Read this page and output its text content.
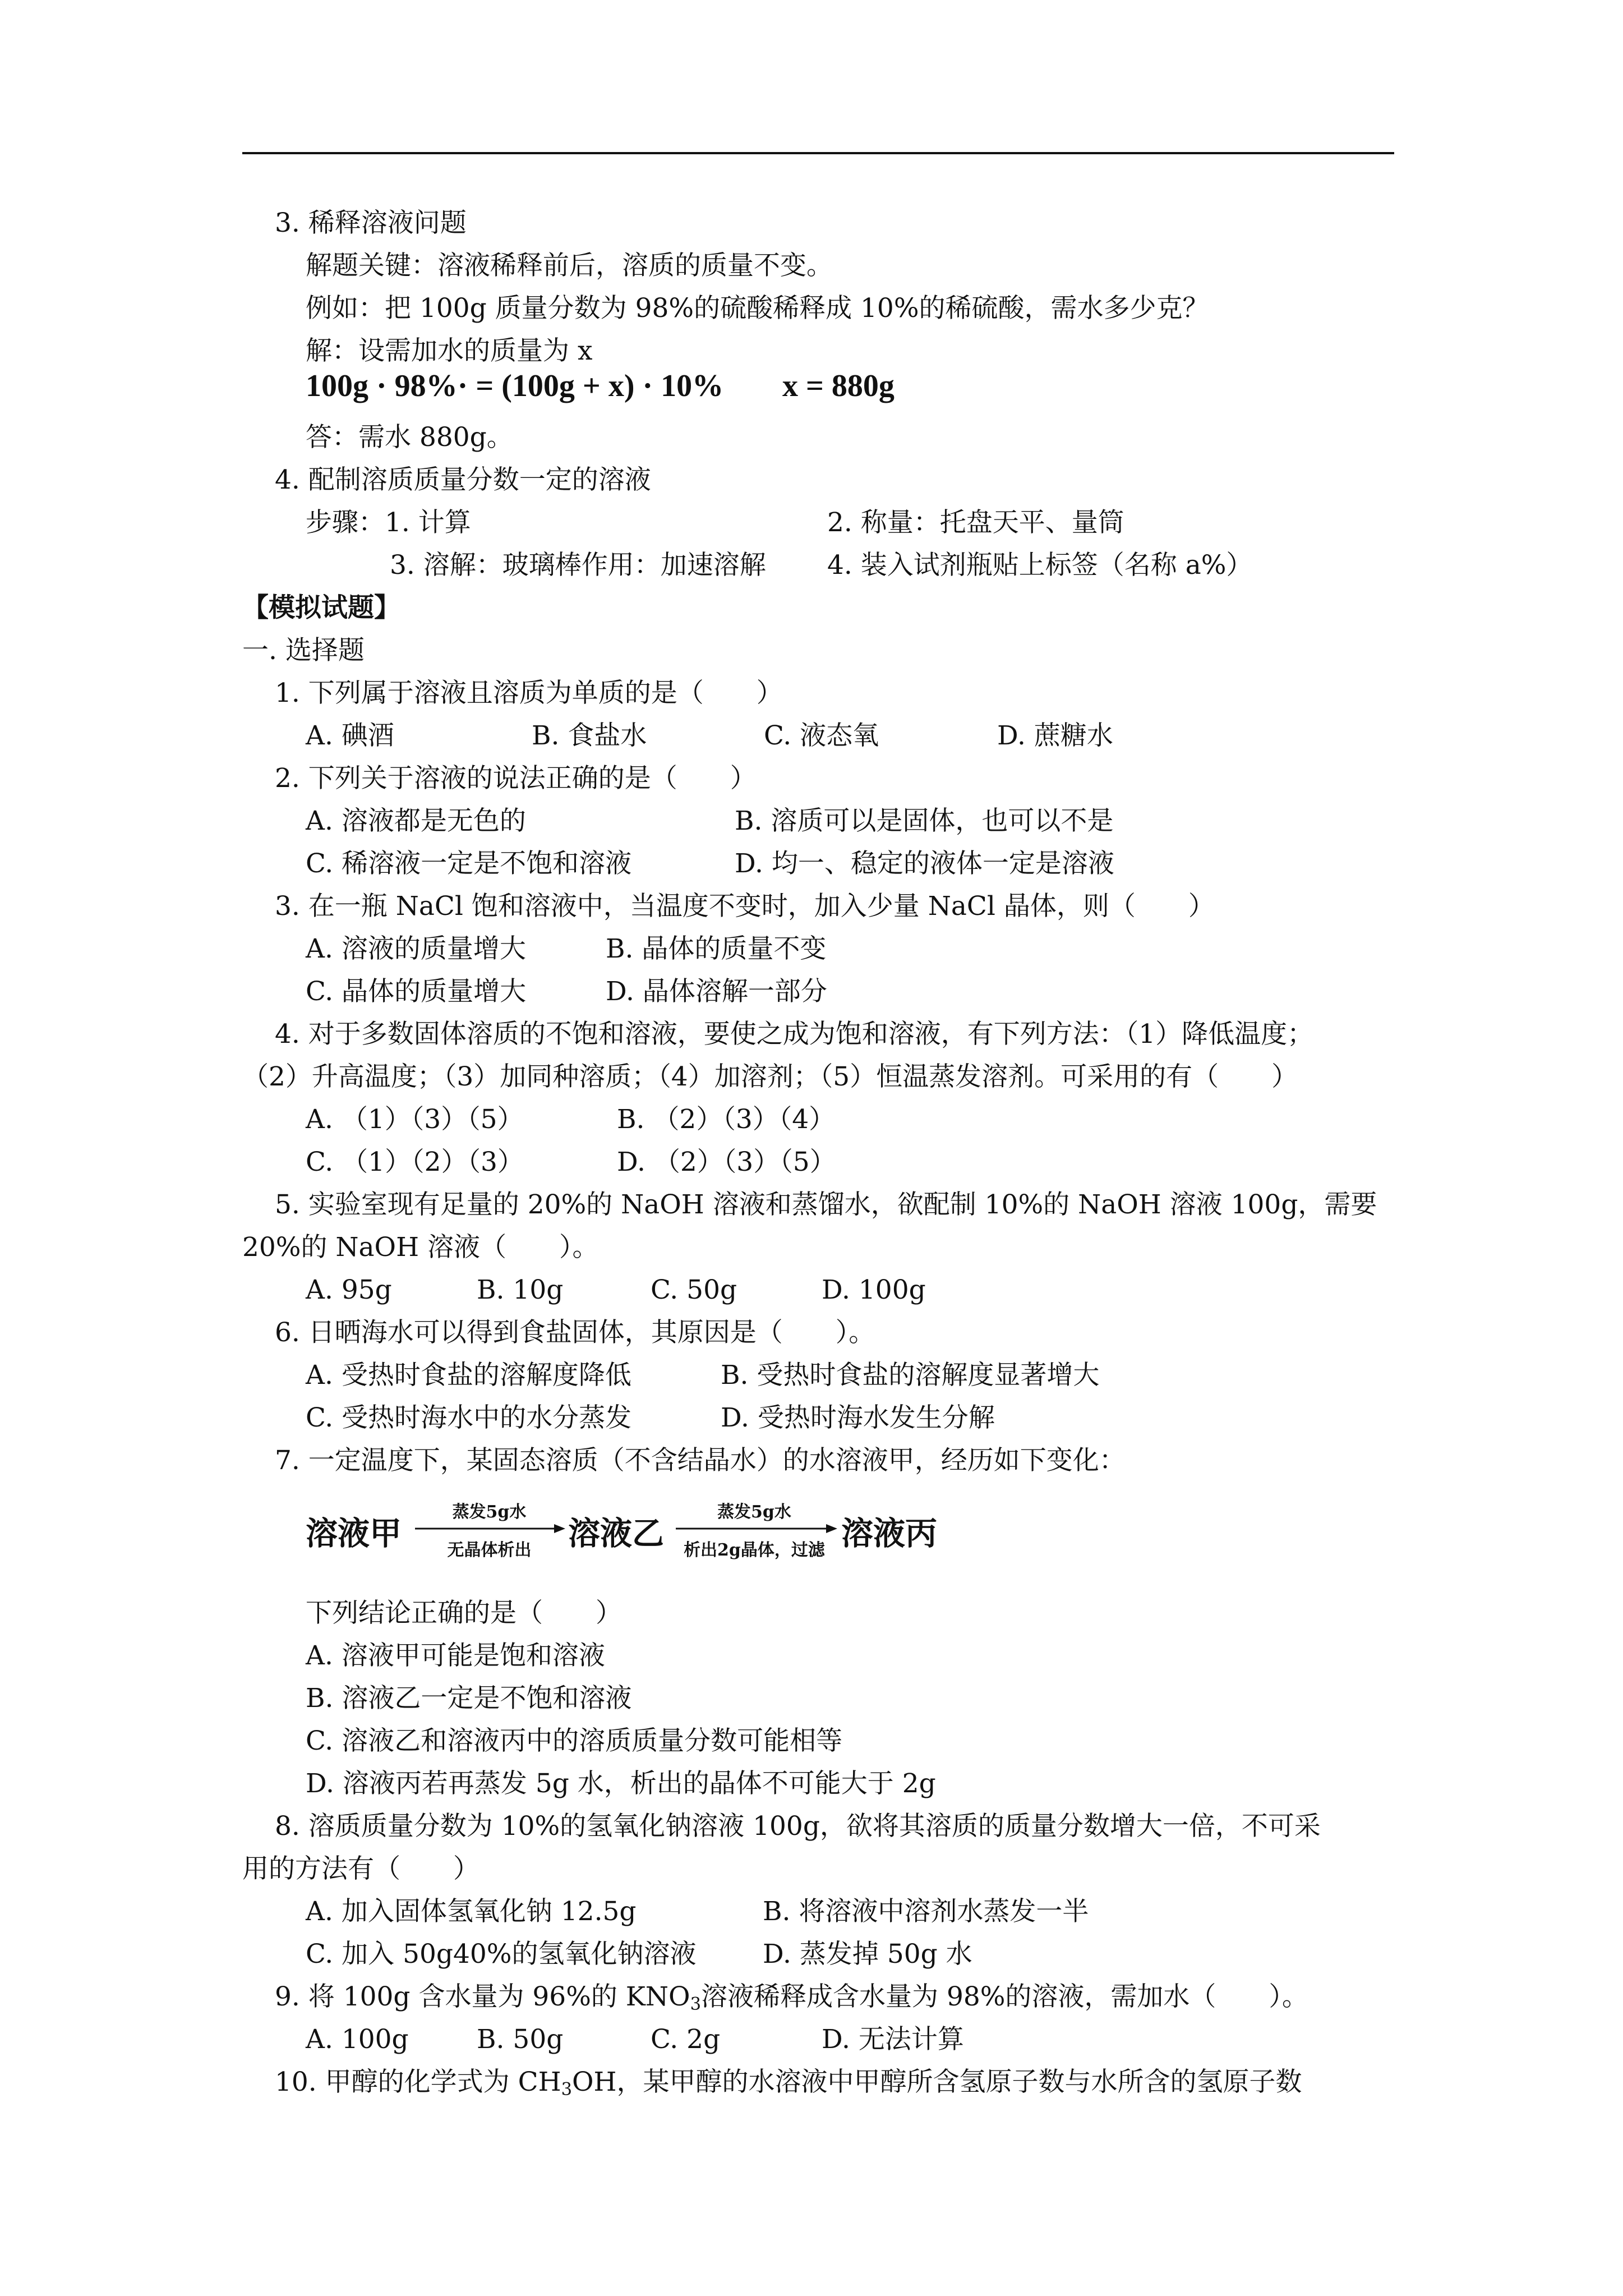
3. 稀释溶液问题
解题关键：溶液稀释前后，溶质的质量不变。
例如：把 100g 质量分数为 98%的硫酸稀释成 10%的稀硫酸，需水多少克？
解：设需加水的质量为 x
100g · 98%· = (100g + x) · 10% x = 880g
答：需水 880g。
4. 配制溶质质量分数一定的溶液
步骤：1. 计算	2. 称量：托盘天平、量筒
3. 溶解：玻璃棒作用：加速溶解 4. 装入试剂瓶贴上标签（名称 a%）
【模拟试题】
一. 选择题
1. 下列属于溶液且溶质为单质的是（　　）
A. 碘酒	B. 食盐水	C. 液态氧	D. 蔗糖水
2. 下列关于溶液的说法正确的是（　　）
A. 溶液都是无色的	B. 溶质可以是固体，也可以不是
C. 稀溶液一定是不饱和溶液	D. 均一、稳定的液体一定是溶液
3. 在一瓶 NaCl 饱和溶液中，当温度不变时，加入少量 NaCl 晶体，则（　　）
A. 溶液的质量增大	B. 晶体的质量不变
C. 晶体的质量增大	D. 晶体溶解一部分
4. 对于多数固体溶质的不饱和溶液，要使之成为饱和溶液，有下列方法：（1）降低温度；
（2）升高温度；（3）加同种溶质；（4）加溶剂；（5）恒温蒸发溶剂。可采用的有（　　）
A. （1）（3）（5）	B. （2）（3）（4）
C. （1）（2）（3）	D. （2）（3）（5）
5. 实验室现有足量的 20%的 NaOH 溶液和蒸馏水，欲配制 10%的 NaOH 溶液 100g，需要
20%的 NaOH 溶液（　　）。
A. 95g	B. 10g	C. 50g	D. 100g
6. 日晒海水可以得到食盐固体，其原因是（　　）。
A. 受热时食盐的溶解度降低	B. 受热时食盐的溶解度显著增大
C. 受热时海水中的水分蒸发	D. 受热时海水发生分解
7. 一定温度下，某固态溶质（不含结晶水）的水溶液甲，经历如下变化：
溶液甲
蒸发5g水
无晶体析出	溶液乙
蒸发5g水
析出2g晶体，过滤 溶液丙
下列结论正确的是（　　）
A. 溶液甲可能是饱和溶液
B. 溶液乙一定是不饱和溶液
C. 溶液乙和溶液丙中的溶质质量分数可能相等
D. 溶液丙若再蒸发 5g 水，析出的晶体不可能大于 2g
8. 溶质质量分数为 10%的氢氧化钠溶液 100g，欲将其溶质的质量分数增大一倍，不可采
用的方法有（　　）
A. 加入固体氢氧化钠 12.5g	B. 将溶液中溶剂水蒸发一半
C. 加入 50g40%的氢氧化钠溶液	D. 蒸发掉 50g 水
9. 将 100g 含水量为 96%的 $KNO_3$溶液稀释成含水量为 98%的溶液，需加水（　　）。
A. 100g	B. 50g	C. 2g	D. 无法计算
10. 甲醇的化学式为 $CH_3OH$，某甲醇的水溶液中甲醇所含氢原子数与水所含的氢原子数
